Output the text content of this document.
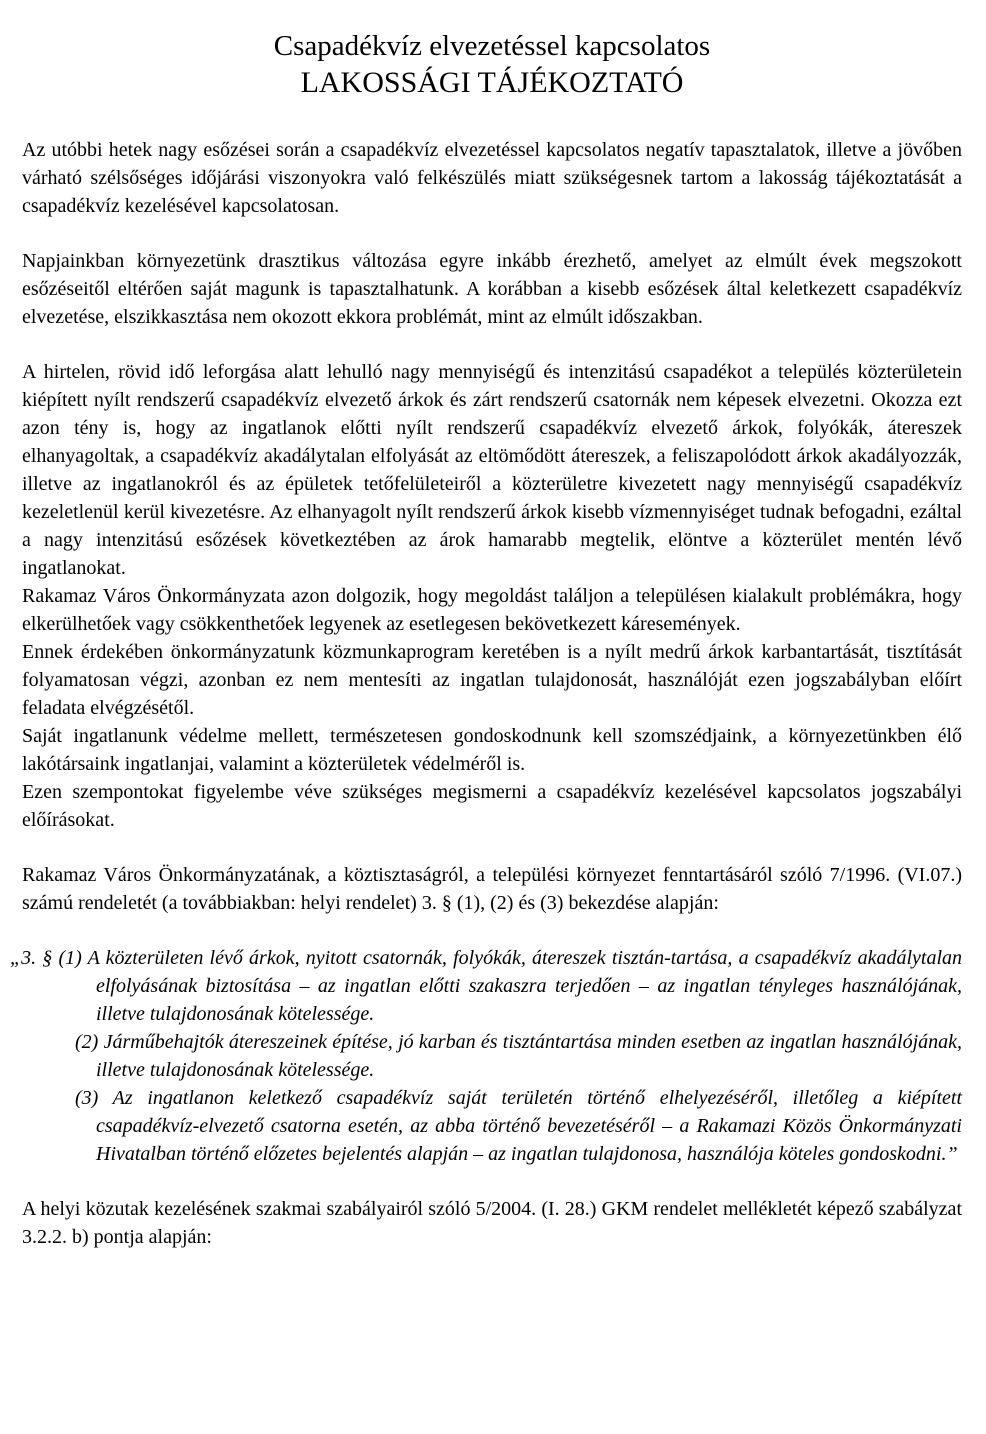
Csapadékvíz elvezetéssel kapcsolatos
LAKOSSÁGI TÁJÉKOZTATÓ

Az utóbbi hetek nagy esőzései során a csapadékvíz elvezetéssel kapcsolatos negatív tapasztalatok, illetve a jövőben várható szélsőséges időjárási viszonyokra való felkészülés miatt szükségesnek tartom a lakosság tájékoztatását a csapadékvíz kezelésével kapcsolatosan.

Napjainkban környezetünk drasztikus változása egyre inkább érezhető, amelyet az elmúlt évek megszokott esőzéseitől eltérően saját magunk is tapasztalhatunk. A korábban a kisebb esőzések által keletkezett csapadékvíz elvezetése, elszikkasztása nem okozott ekkora problémát, mint az elmúlt időszakban.

A hirtelen, rövid idő leforgása alatt lehulló nagy mennyiségű és intenzitású csapadékot a település közterületein kiépített nyílt rendszerű csapadékvíz elvezető árkok és zárt rendszerű csatornák nem képesek elvezetni. Okozza ezt azon tény is, hogy az ingatlanok előtti nyílt rendszerű csapadékvíz elvezető árkok, folyókák, átereszek elhanyagoltak, a csapadékvíz akadálytalan elfolyását az eltömődött átereszek, a feliszapolódott árkok akadályozzák, illetve az ingatlanokról és az épületek tetőfelületeiről a közterületre kivezetett nagy mennyiségű csapadékvíz kezeletlenül kerül kivezetésre. Az elhanyagolt nyílt rendszerű árkok kisebb vízmennyiséget tudnak befogadni, ezáltal a nagy intenzitású esőzések következtében az árok hamarabb megtelik, elöntve a közterület mentén lévő ingatlanokat.

Rakamaz Város Önkormányzata azon dolgozik, hogy megoldást találjon a településen kialakult problémákra, hogy elkerülhetőek vagy csökkenthetőek legyenek az esetlegesen bekövetkezett káresemények.

Ennek érdekében önkormányzatunk közmunkaprogram keretében is a nyílt medrű árkok karbantartását, tisztítását folyamatosan végzi, azonban ez nem mentesíti az ingatlan tulajdonosát, használóját ezen jogszabályban előírt feladata elvégzésétől.

Saját ingatlanunk védelme mellett, természetesen gondoskodnunk kell szomszédjaink, a környezetünkben élő lakótársaink ingatlanjai, valamint a közterületek védelméről is.

Ezen szempontokat figyelembe véve szükséges megismerni a csapadékvíz kezelésével kapcsolatos jogszabályi előírásokat.

Rakamaz Város Önkormányzatának, a köztisztaságról, a települési környezet fenntartásáról szóló 7/1996. (VI.07.) számú rendeletét (a továbbiakban: helyi rendelet) 3. § (1), (2) és (3) bekezdése alapján:

„3. § (1) A közterületen lévő árkok, nyitott csatornák, folyókák, átereszek tisztán-tartása, a csapadékvíz akadálytalan elfolyásának biztosítása – az ingatlan előtti szakaszra terjedően – az ingatlan tényleges használójának, illetve tulajdonosának kötelessége.
(2) Járműbehajtók átereszeinek építése, jó karban és tisztántartása minden esetben az ingatlan használójának, illetve tulajdonosának kötelessége.
(3) Az ingatlanon keletkező csapadékvíz saját területén történő elhelyezéséről, illetőleg a kiépített csapadékvíz-elvezető csatorna esetén, az abba történő bevezetéséről – a Rakamazi Közös Önkormányzati Hivatalban történő előzetes bejelentés alapján – az ingatlan tulajdonosa, használója köteles gondoskodni.”

A helyi közutak kezelésének szakmai szabályairól szóló 5/2004. (I. 28.) GKM rendelet mellékletét képező szabályzat 3.2.2. b) pontja alapján:
